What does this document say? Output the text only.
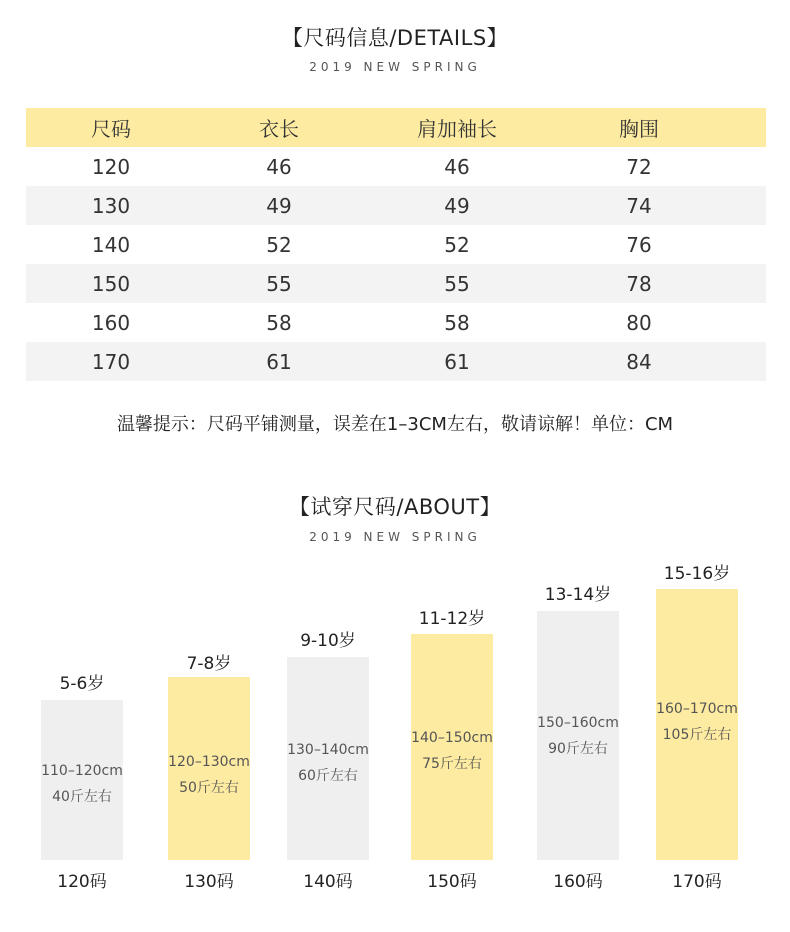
【尺码信息/DETAILS】
2019 NEW SPRING
尺码	衣长	肩加袖长	胸围
120	46	46	72
130	49	49	74
140	52	52	76
150	55	55	78
160	58	58	80
170	61	61	84
温馨提示：尺码平铺测量，误差在1–3CM左右，敬请谅解！单位：CM
【试穿尺码/ABOUT】
2019 NEW SPRING
5-6岁
110–120cm
40斤左右
120码
7-8岁
120–130cm
50斤左右
130码
9-10岁
130–140cm
60斤左右
140码
11-12岁
140–150cm
75斤左右
150码
13-14岁
150–160cm
90斤左右
160码
15-16岁
160–170cm
105斤左右
170码
